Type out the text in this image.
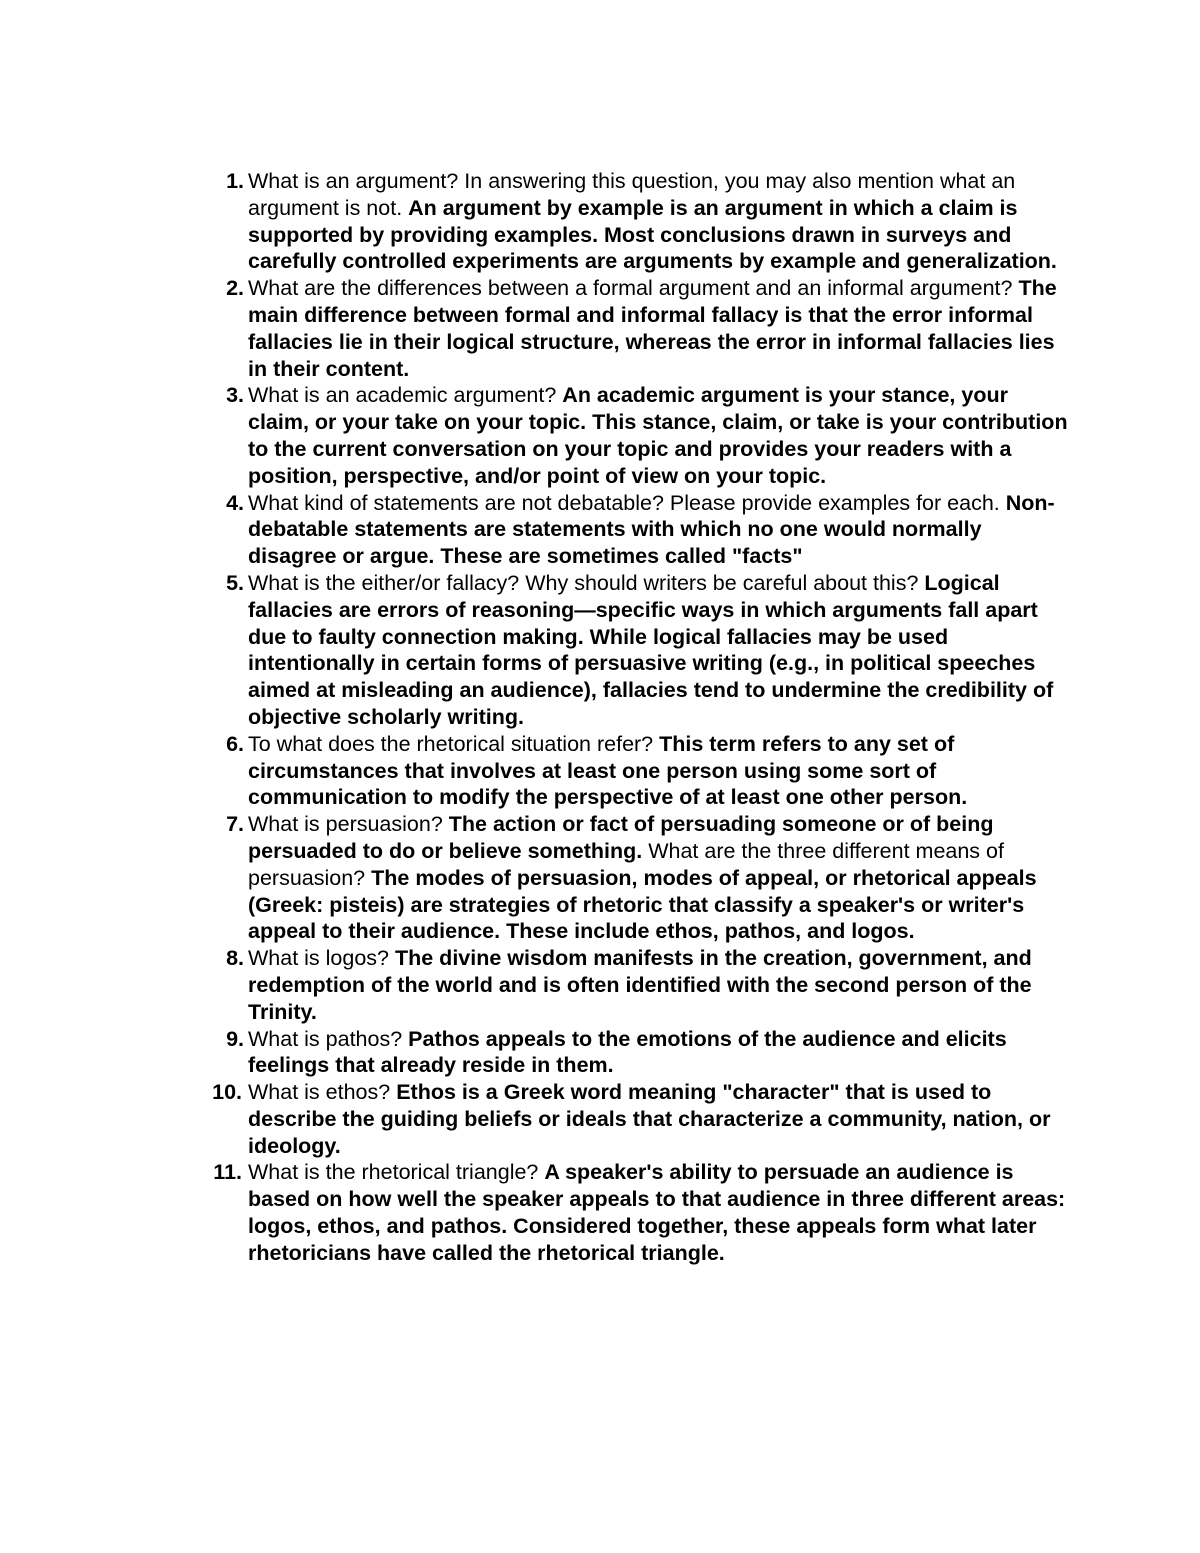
1. What is an argument? In answering this question, you may also mention what an argument is not. An argument by example is an argument in which a claim is supported by providing examples. Most conclusions drawn in surveys and carefully controlled experiments are arguments by example and generalization.
2. What are the differences between a formal argument and an informal argument? The main difference between formal and informal fallacy is that the error informal fallacies lie in their logical structure, whereas the error in informal fallacies lies in their content.
3. What is an academic argument? An academic argument is your stance, your claim, or your take on your topic. This stance, claim, or take is your contribution to the current conversation on your topic and provides your readers with a position, perspective, and/or point of view on your topic.
4. What kind of statements are not debatable? Please provide examples for each. Non-debatable statements are statements with which no one would normally disagree or argue. These are sometimes called "facts"
5. What is the either/or fallacy? Why should writers be careful about this? Logical fallacies are errors of reasoning—specific ways in which arguments fall apart due to faulty connection making. While logical fallacies may be used intentionally in certain forms of persuasive writing (e.g., in political speeches aimed at misleading an audience), fallacies tend to undermine the credibility of objective scholarly writing.
6. To what does the rhetorical situation refer? This term refers to any set of circumstances that involves at least one person using some sort of communication to modify the perspective of at least one other person.
7. What is persuasion? The action or fact of persuading someone or of being persuaded to do or believe something. What are the three different means of persuasion? The modes of persuasion, modes of appeal, or rhetorical appeals (Greek: pisteis) are strategies of rhetoric that classify a speaker's or writer's appeal to their audience. These include ethos, pathos, and logos.
8. What is logos? The divine wisdom manifests in the creation, government, and redemption of the world and is often identified with the second person of the Trinity.
9. What is pathos? Pathos appeals to the emotions of the audience and elicits feelings that already reside in them.
10. What is ethos? Ethos is a Greek word meaning "character" that is used to describe the guiding beliefs or ideals that characterize a community, nation, or ideology.
11. What is the rhetorical triangle? A speaker's ability to persuade an audience is based on how well the speaker appeals to that audience in three different areas: logos, ethos, and pathos. Considered together, these appeals form what later rhetoricians have called the rhetorical triangle.
